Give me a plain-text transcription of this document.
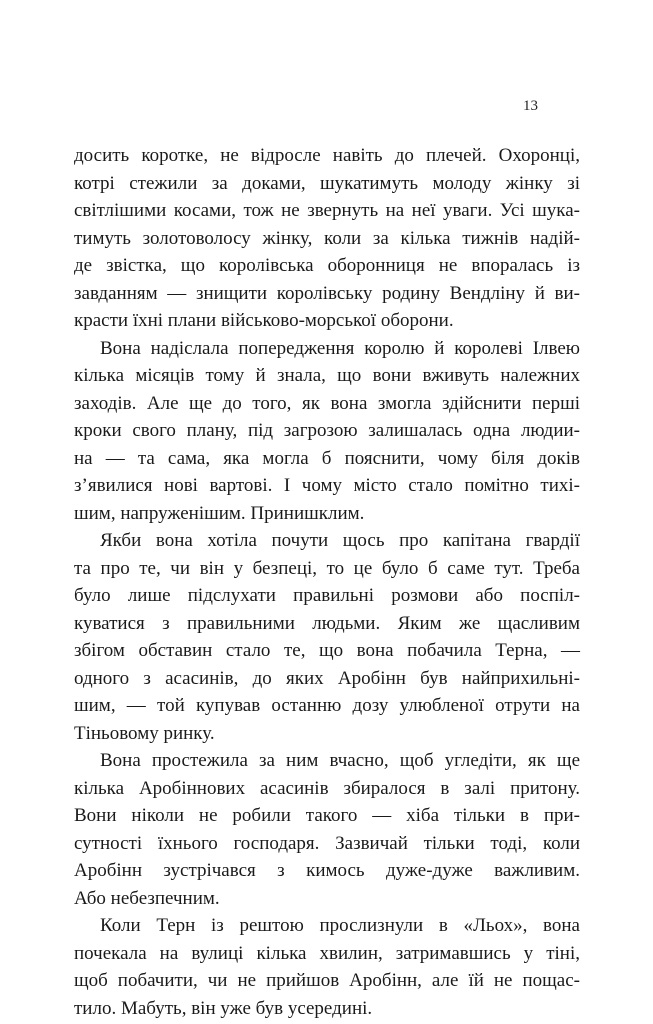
13
досить коротке, не відросле навіть до плечей. Охоронці,
котрі стежили за доками, шукатимуть молоду жінку зі
світлішими косами, тож не звернуть на неї уваги. Усі шука-
тимуть золотоволосу жінку, коли за кілька тижнів надій-
де звістка, що королівська оборонниця не впоралась із
завданням — знищити королівську родину Вендліну й ви-
красти їхні плани військово-морської оборони.
Вона надіслала попередження королю й королеві Ілвею
кілька місяців тому й знала, що вони вживуть належних
заходів. Але ще до того, як вона змогла здійснити перші
кроки свого плану, під загрозою залишалась одна людии-
на — та сама, яка могла б пояснити, чому біля доків
з’явилися нові вартові. І чому місто стало помітно тихі-
шим, напруженішим. Принишклим.
Якби вона хотіла почути щось про капітана гвардії
та про те, чи він у безпеці, то це було б саме тут. Треба
було лише підслухати правильні розмови або поспіл-
куватися з правильними людьми. Яким же щасливим
збігом обставин стало те, що вона побачила Терна, —
одного з асасинів, до яких Аробінн був найприхильні-
шим, — той купував останню дозу улюбленої отрути на
Тіньовому ринку.
Вона простежила за ним вчасно, щоб угледіти, як ще
кілька Аробіннових асасинів збиралося в залі притону.
Вони ніколи не робили такого — хіба тільки в при-
сутності їхнього господаря. Зазвичай тільки тоді, коли
Аробінн зустрічався з кимось дуже-дуже важливим.
Або небезпечним.
Коли Терн із рештою прослизнули в «Льох», вона
почекала на вулиці кілька хвилин, затримавшись у тіні,
щоб побачити, чи не прийшов Аробінн, але їй не пощас-
тило. Мабуть, він уже був усередині.
